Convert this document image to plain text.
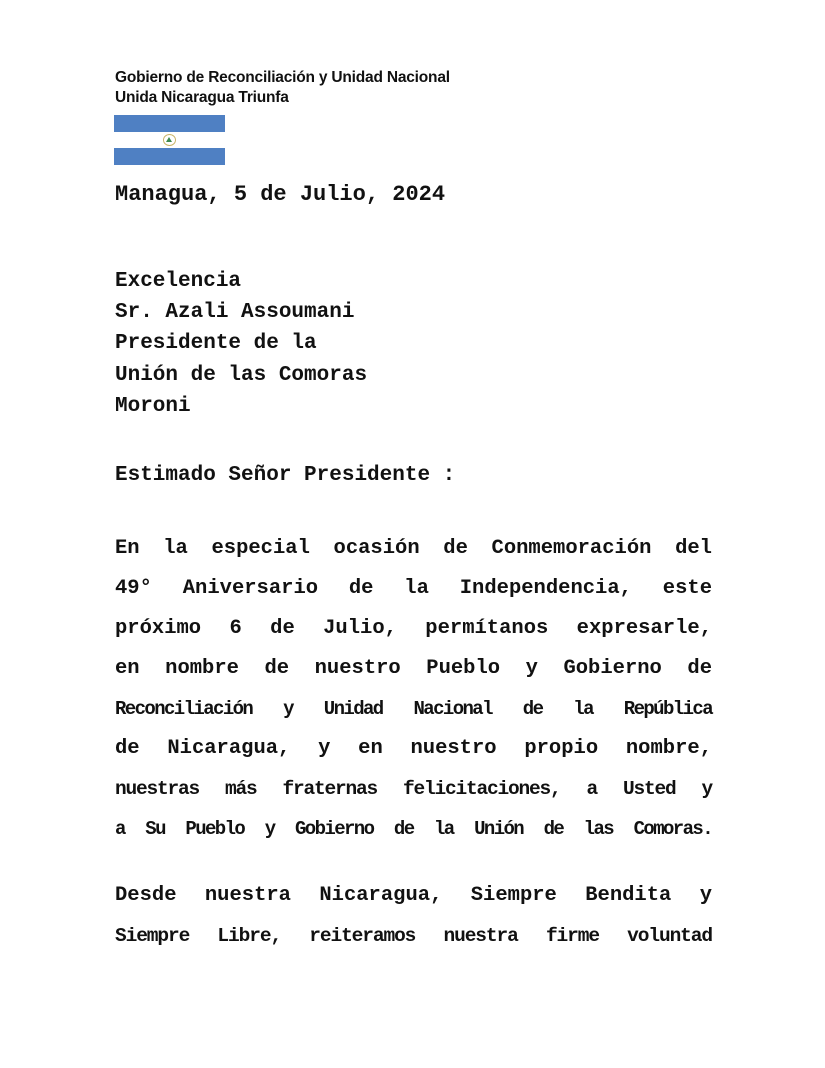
Gobierno de Reconciliación y Unidad Nacional
Unida Nicaragua Triunfa
Managua, 5 de Julio, 2024
Excelencia
Sr. Azali Assoumani
Presidente de la
Unión de las Comoras
Moroni
Estimado Señor Presidente :
En la especial ocasión de Conmemoración del
49° Aniversario de la Independencia, este
próximo 6 de Julio, permítanos expresarle,
en nombre de nuestro Pueblo y Gobierno de
Reconciliación y Unidad Nacional de la República
de Nicaragua, y en nuestro propio nombre,
nuestras más fraternas felicitaciones, a Usted y
a Su Pueblo y Gobierno de la Unión de las Comoras.
Desde nuestra Nicaragua, Siempre Bendita y
Siempre Libre, reiteramos nuestra firme voluntad
